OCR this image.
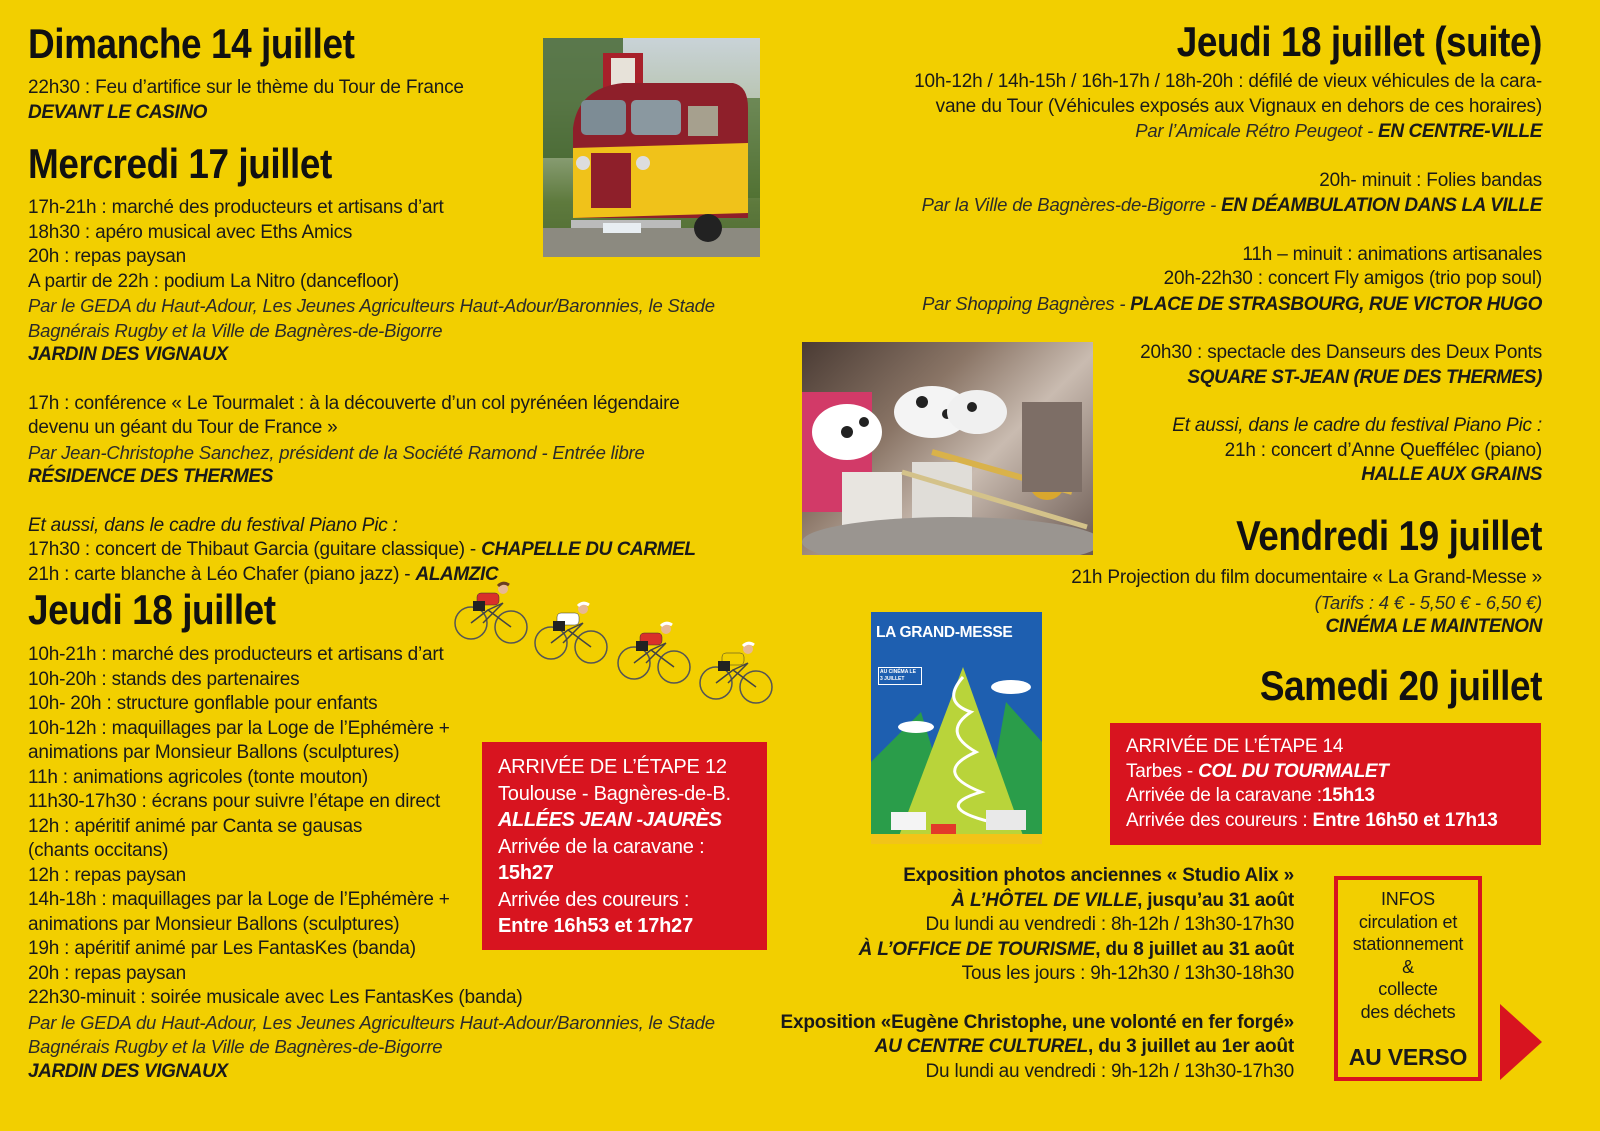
Dimanche 14 juillet
22h30 : Feu d’artifice sur le thème du Tour de France
DEVANT LE CASINO
Mercredi 17 juillet
17h-21h : marché des producteurs et artisans d’art
18h30 : apéro musical avec Eths Amics
20h : repas paysan
A partir de 22h : podium La Nitro (dancefloor)
Par le GEDA du Haut-Adour, Les Jeunes Agriculteurs Haut-Adour/Baronnies, le Stade
Bagnérais Rugby et la Ville de Bagnères-de-Bigorre
JARDIN DES VIGNAUX
17h : conférence « Le Tourmalet : à la découverte d’un col pyrénéen légendaire
devenu un géant du Tour de France »
Par Jean-Christophe Sanchez, président de la Société Ramond - Entrée libre
RÉSIDENCE DES THERMES
Et aussi, dans le cadre du festival Piano Pic :
17h30 : concert de Thibaut Garcia (guitare classique) - CHAPELLE DU CARMEL
21h : carte blanche à Léo Chafer (piano jazz) - ALAMZIC
Jeudi 18 juillet
10h-21h : marché des producteurs et artisans d’art
10h-20h : stands des partenaires
10h- 20h : structure gonflable pour enfants
10h-12h : maquillages par la Loge de l’Ephémère +
animations par Monsieur Ballons (sculptures)
11h : animations agricoles (tonte mouton)
11h30-17h30 : écrans pour suivre l’étape en direct
12h : apéritif animé par Canta se gausas
(chants occitans)
12h : repas paysan
14h-18h : maquillages par la Loge de l’Ephémère +
animations par Monsieur Ballons (sculptures)
19h : apéritif animé par Les FantasKes (banda)
20h : repas paysan
22h30-minuit : soirée musicale avec Les FantasKes (banda)
Par le GEDA du Haut-Adour, Les Jeunes Agriculteurs Haut-Adour/Baronnies, le Stade
Bagnérais Rugby et la Ville de Bagnères-de-Bigorre
JARDIN DES VIGNAUX
ARRIVÉE DE L’ÉTAPE 12
Toulouse - Bagnères-de-B.
ALLÉES JEAN -JAURÈS
Arrivée de la caravane :
15h27
Arrivée des coureurs :
Entre 16h53 et 17h27
Jeudi 18 juillet (suite)
10h-12h / 14h-15h / 16h-17h / 18h-20h : défilé de vieux véhicules de la cara-
vane du Tour (Véhicules exposés aux Vignaux en dehors de ces horaires)
Par l’Amicale Rétro Peugeot - EN CENTRE-VILLE
20h- minuit : Folies bandas
Par la Ville de Bagnères-de-Bigorre - EN DÉAMBULATION DANS LA VILLE
11h – minuit : animations artisanales
20h-22h30 : concert Fly amigos (trio pop soul)
Par Shopping Bagnères - PLACE DE STRASBOURG, RUE VICTOR HUGO
20h30 : spectacle des Danseurs des Deux Ponts
SQUARE ST-JEAN (RUE DES THERMES)
Et aussi, dans le cadre du festival Piano Pic :
21h : concert d’Anne Queffélec (piano)
HALLE AUX GRAINS
Vendredi 19 juillet
21h Projection du film documentaire « La Grand-Messe »
(Tarifs : 4 € - 5,50 € - 6,50 €)
CINÉMA LE MAINTENON
LA GRAND-MESSE
AU CINÉMA LE 3 JUILLET	Samedi 20 juillet
ARRIVÉE DE L’ÉTAPE 14
Tarbes - COL DU TOURMALET
Arrivée de la caravane :15h13
Arrivée des coureurs : Entre 16h50 et 17h13
Exposition photos anciennes « Studio Alix »
À L’HÔTEL DE VILLE, jusqu’au 31 août
Du lundi au vendredi : 8h-12h / 13h30-17h30
À L’OFFICE DE TOURISME, du 8 juillet au 31 août
Tous les jours : 9h-12h30 / 13h30-18h30
Exposition «Eugène Christophe, une volonté en fer forgé»
AU CENTRE CULTUREL, du 3 juillet au 1er août
Du lundi au vendredi : 9h-12h / 13h30-17h30
INFOS
circulation et
stationnement
&
collecte
des déchets
AU VERSO
